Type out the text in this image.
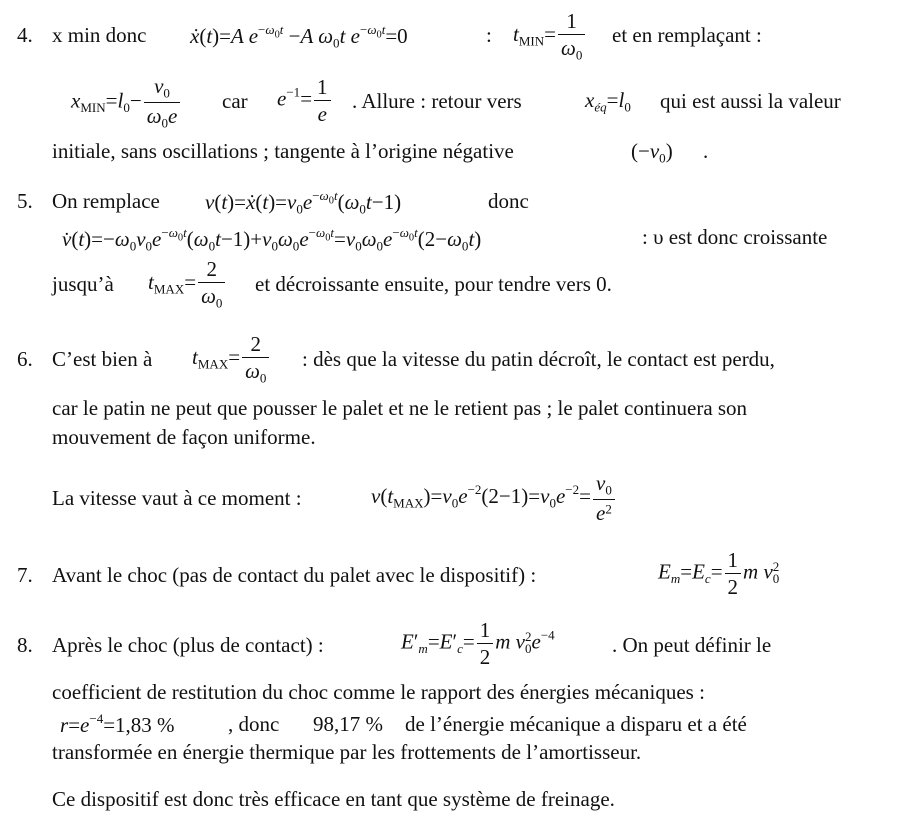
4. x min donc ẋ(t)=A $e^{-\omega_0t} -A$ $\omega_0t$ $e^{-\omega_0t}=0$	: $t_{MIN}= \frac{1}{\omega_0}$ et en remplaçant :
$x_{MIN}=l_0- \frac{v_0}{\omega_0e}$ car $e^{-1}= \frac{1}{e}$ . Allure : retour vers	$x_{éq}=l_0$ qui est aussi la valeur
initiale, sans oscillations ; tangente à l’origine négative	$(-v_0)$ .
5. On remplace $v(t)=ẋ(t)=v_0e^{-\omega_0t}(\omega_0t-1)$	donc
$v̇(t)=-\omega_0v_0e^{-\omega_0t}(\omega_0t-1)+v_0\omega_0e^{-\omega_0t}=v_0\omega_0e^{-\omega_0t}(2-\omega_0t)$	: υ est donc croissante
jusqu’à $t_{MAX}= \frac{2}{\omega_0}$ et décroissante ensuite, pour tendre vers 0.
6. C’est bien à $t_{MAX}= \frac{2}{\omega_0}$ : dès que la vitesse du patin décroît, le contact est perdu,
car le patin ne peut que pousser le palet et ne le retient pas ; le palet continuera son
mouvement de façon uniforme.
La vitesse vaut à ce moment :	$v(t_{MAX})=v_0e^{-2}(2-1)=v_0e^{-2}= \frac{v_0}{e^2}$
7. Avant le choc (pas de contact du palet avec le dispositif) :	$E_m=E_c= \frac{1}{2}$ m $v^2_0$
8. Après le choc (plus de contact) :	$E'_m=E'_c= \frac{1}{2}$ m $v^2_0e^{-4}$	. On peut définir le
coefficient de restitution du choc comme le rapport des énergies mécaniques :
$r=e^{-4}=1,83$ %	, donc 98,17 % de l’énergie mécanique a disparu et a été
transformée en énergie thermique par les frottements de l’amortisseur.
Ce dispositif est donc très efficace en tant que système de freinage.
